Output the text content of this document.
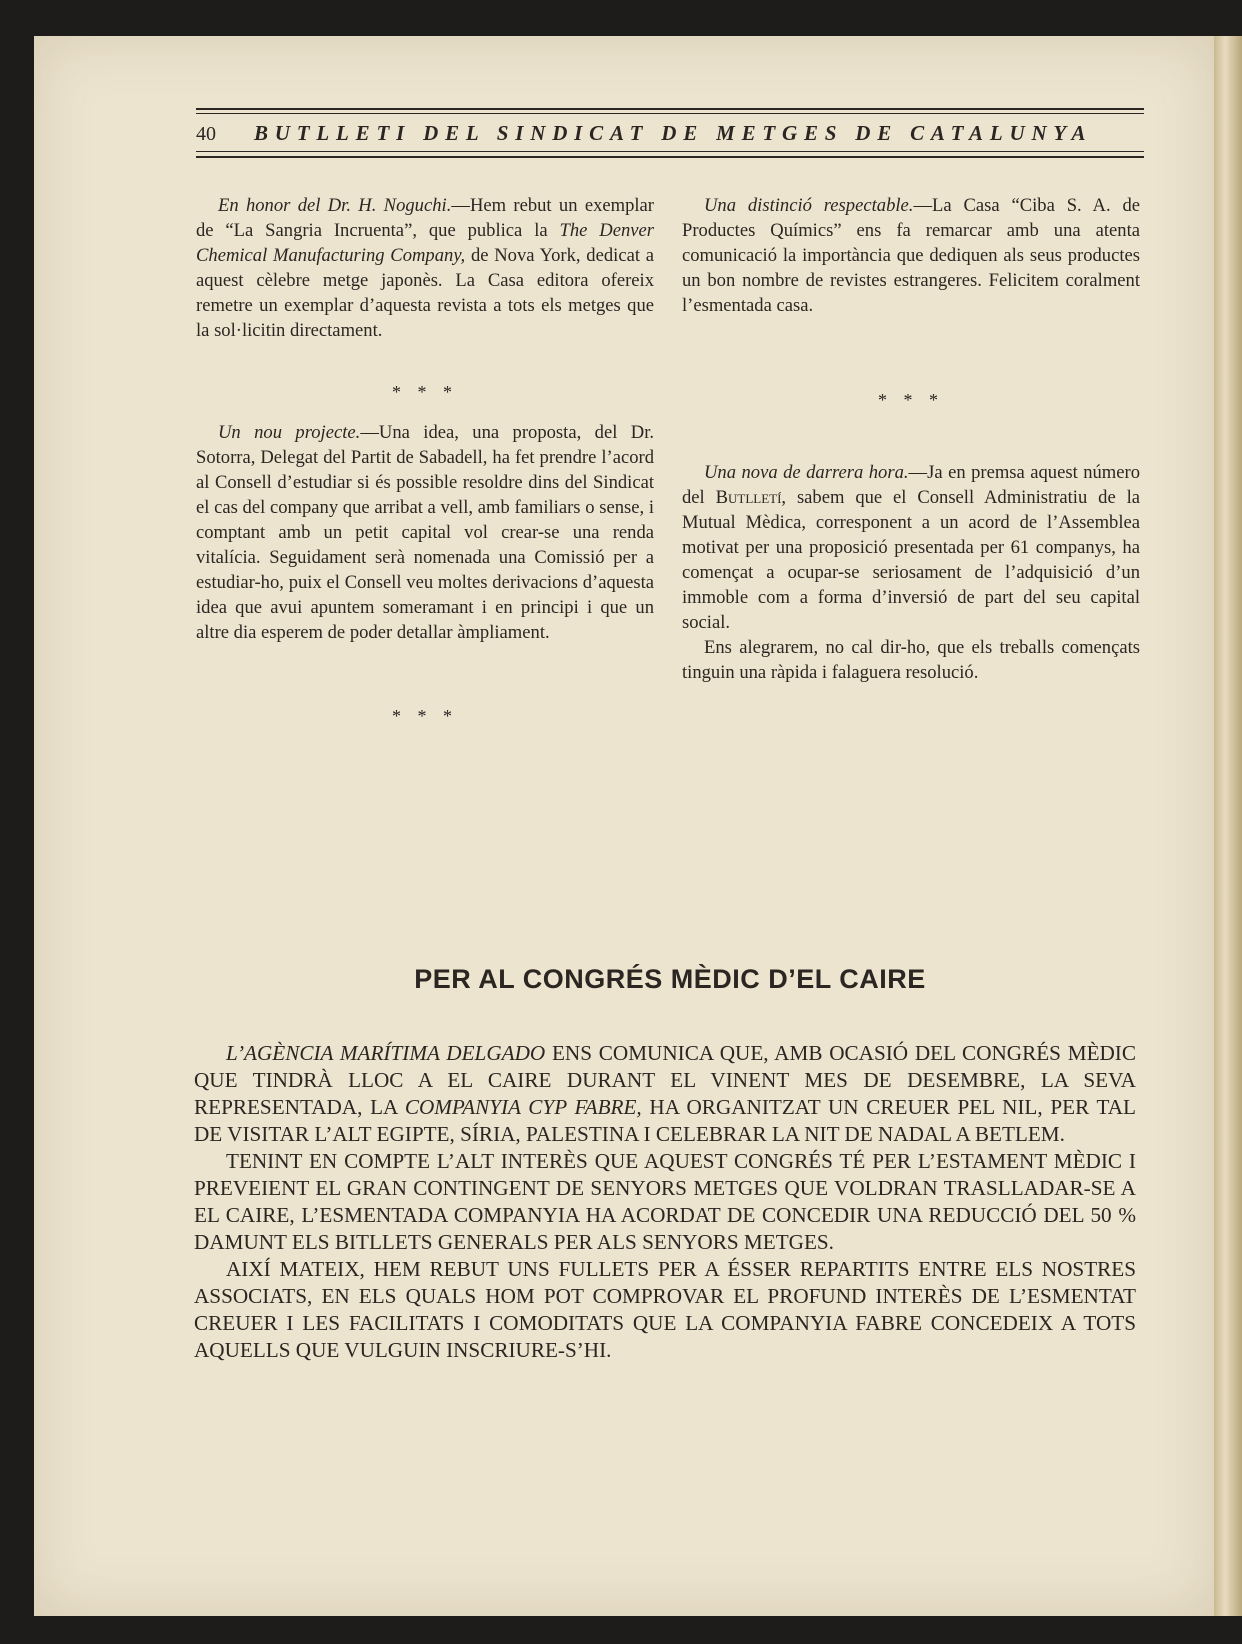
40 BUTLLETI DEL SINDICAT DE METGES DE CATALUNYA

En honor del Dr. H. Noguchi.—Hem rebut un exemplar de “La Sangria Incruenta”, que publica la The Denver Chemical Manufacturing Company, de Nova York, dedicat a aquest cèlebre metge japonès. La Casa editora ofereix remetre un exemplar d’aquesta revista a tots els metges que la sol·licitin directament.

* * *

Un nou projecte.—Una idea, una proposta, del Dr. Sotorra, Delegat del Partit de Sabadell, ha fet prendre l’acord al Consell d’estudiar si és possible resoldre dins del Sindicat el cas del company que arribat a vell, amb familiars o sense, i comptant amb un petit capital vol crear-se una renda vitalícia. Seguidament serà nomenada una Comissió per a estudiar-ho, puix el Consell veu moltes derivacions d’aquesta idea que avui apuntem someramant i en principi i que un altre dia esperem de poder detallar àmpliament.

* * *

Una distinció respectable.—La Casa “Ciba S. A. de Productes Químics” ens fa remarcar amb una atenta comunicació la importància que dediquen als seus productes un bon nombre de revistes estrangeres. Felicitem coralment l’esmentada casa.

* * *

Una nova de darrera hora.—Ja en premsa aquest número del Butlletí, sabem que el Consell Administratiu de la Mutual Mèdica, corresponent a un acord de l’Assemblea motivat per una proposició presentada per 61 companys, ha començat a ocupar-se seriosament de l’adquisició d’un immoble com a forma d’inversió de part del seu capital social.

Ens alegrarem, no cal dir-ho, que els treballs començats tinguin una ràpida i falaguera resolució.

PER AL CONGRÉS MÈDIC D’EL CAIRE

L’AGÈNCIA MARÍTIMA DELGADO ENS COMUNICA QUE, AMB OCASIÓ DEL CONGRÉS MÈDIC QUE TINDRÀ LLOC A EL CAIRE DURANT EL VINENT MES DE DESEMBRE, LA SEVA REPRESENTADA, LA COMPANYIA CYP FABRE, HA ORGANITZAT UN CREUER PEL NIL, PER TAL DE VISITAR L’ALT EGIPTE, SÍRIA, PALESTINA I CELEBRAR LA NIT DE NADAL A BETLEM.

TENINT EN COMPTE L’ALT INTERÈS QUE AQUEST CONGRÉS TÉ PER L’ESTAMENT MÈDIC I PREVEIENT EL GRAN CONTINGENT DE SENYORS METGES QUE VOLDRAN TRASLLADAR-SE A EL CAIRE, L’ESMENTADA COMPANYIA HA ACORDAT DE CONCEDIR UNA REDUCCIÓ DEL 50 % DAMUNT ELS BITLLETS GENERALS PER ALS SENYORS METGES.

AIXÍ MATEIX, HEM REBUT UNS FULLETS PER A ÉSSER REPARTITS ENTRE ELS NOSTRES ASSOCIATS, EN ELS QUALS HOM POT COMPROVAR EL PROFUND INTERÈS DE L’ESMENTAT CREUER I LES FACILITATS I COMODITATS QUE LA COMPANYIA FABRE CONCEDEIX A TOTS AQUELLS QUE VULGUIN INSCRIURE-S’HI.
